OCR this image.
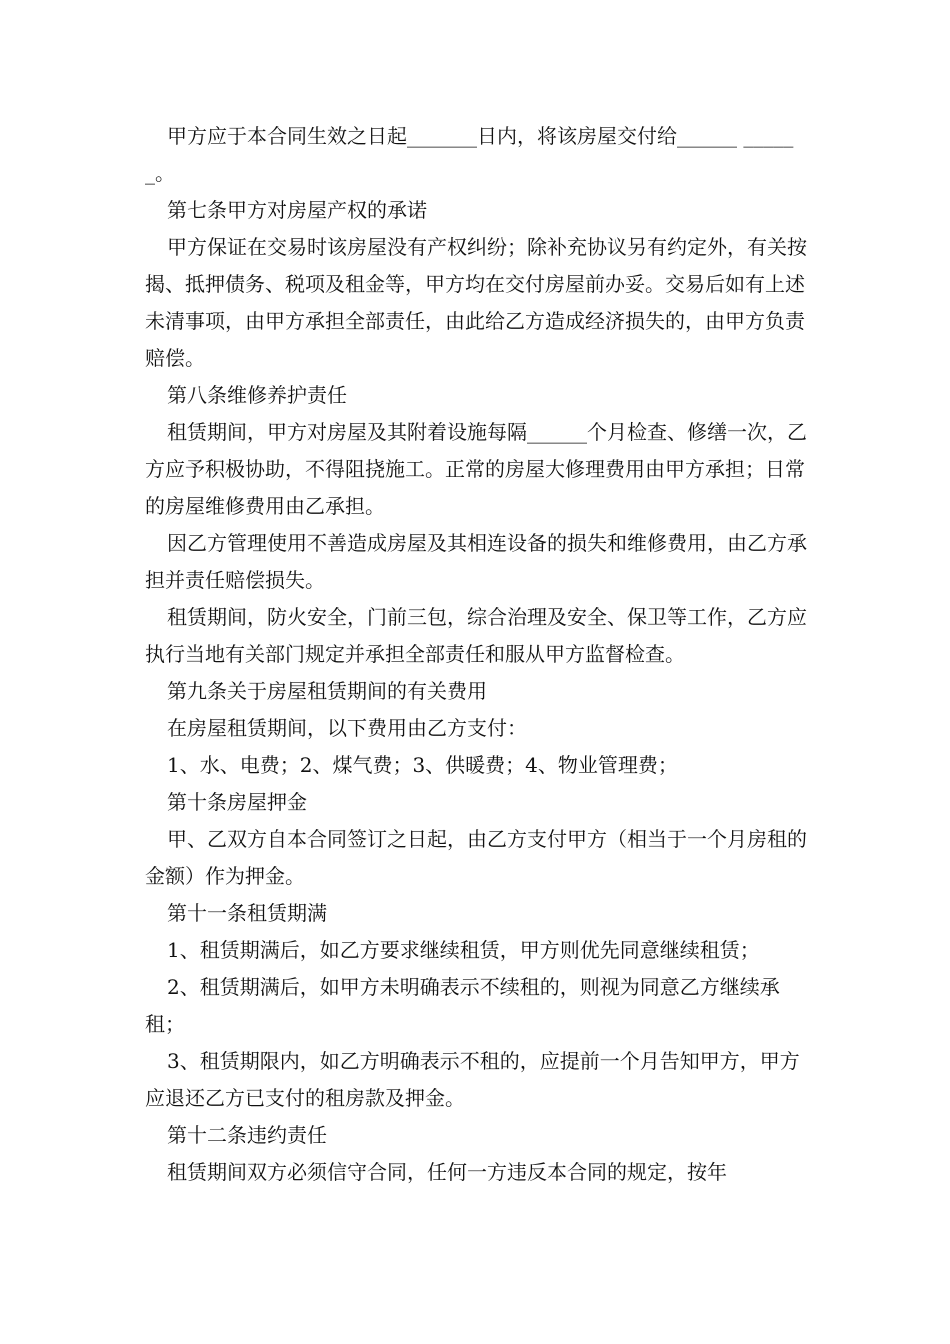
甲方应于本合同生效之日起_______日内，将该房屋交付给______ ______。

第七条甲方对房屋产权的承诺

甲方保证在交易时该房屋没有产权纠纷；除补充协议另有约定外，有关按揭、抵押债务、税项及租金等，甲方均在交付房屋前办妥。交易后如有上述未清事项，由甲方承担全部责任，由此给乙方造成经济损失的，由甲方负责赔偿。

第八条维修养护责任

租赁期间，甲方对房屋及其附着设施每隔______个月检查、修缮一次，乙方应予积极协助，不得阻挠施工。正常的房屋大修理费用由甲方承担；日常的房屋维修费用由乙承担。

因乙方管理使用不善造成房屋及其相连设备的损失和维修费用，由乙方承担并责任赔偿损失。

租赁期间，防火安全，门前三包，综合治理及安全、保卫等工作，乙方应执行当地有关部门规定并承担全部责任和服从甲方监督检查。

第九条关于房屋租赁期间的有关费用

在房屋租赁期间，以下费用由乙方支付：

1、水、电费；2、煤气费；3、供暖费；4、物业管理费；

第十条房屋押金

甲、乙双方自本合同签订之日起，由乙方支付甲方（相当于一个月房租的金额）作为押金。

第十一条租赁期满

1、租赁期满后，如乙方要求继续租赁，甲方则优先同意继续租赁；

2、租赁期满后，如甲方未明确表示不续租的，则视为同意乙方继续承租；

3、租赁期限内，如乙方明确表示不租的，应提前一个月告知甲方，甲方应退还乙方已支付的租房款及押金。

第十二条违约责任

租赁期间双方必须信守合同，任何一方违反本合同的规定，按年
